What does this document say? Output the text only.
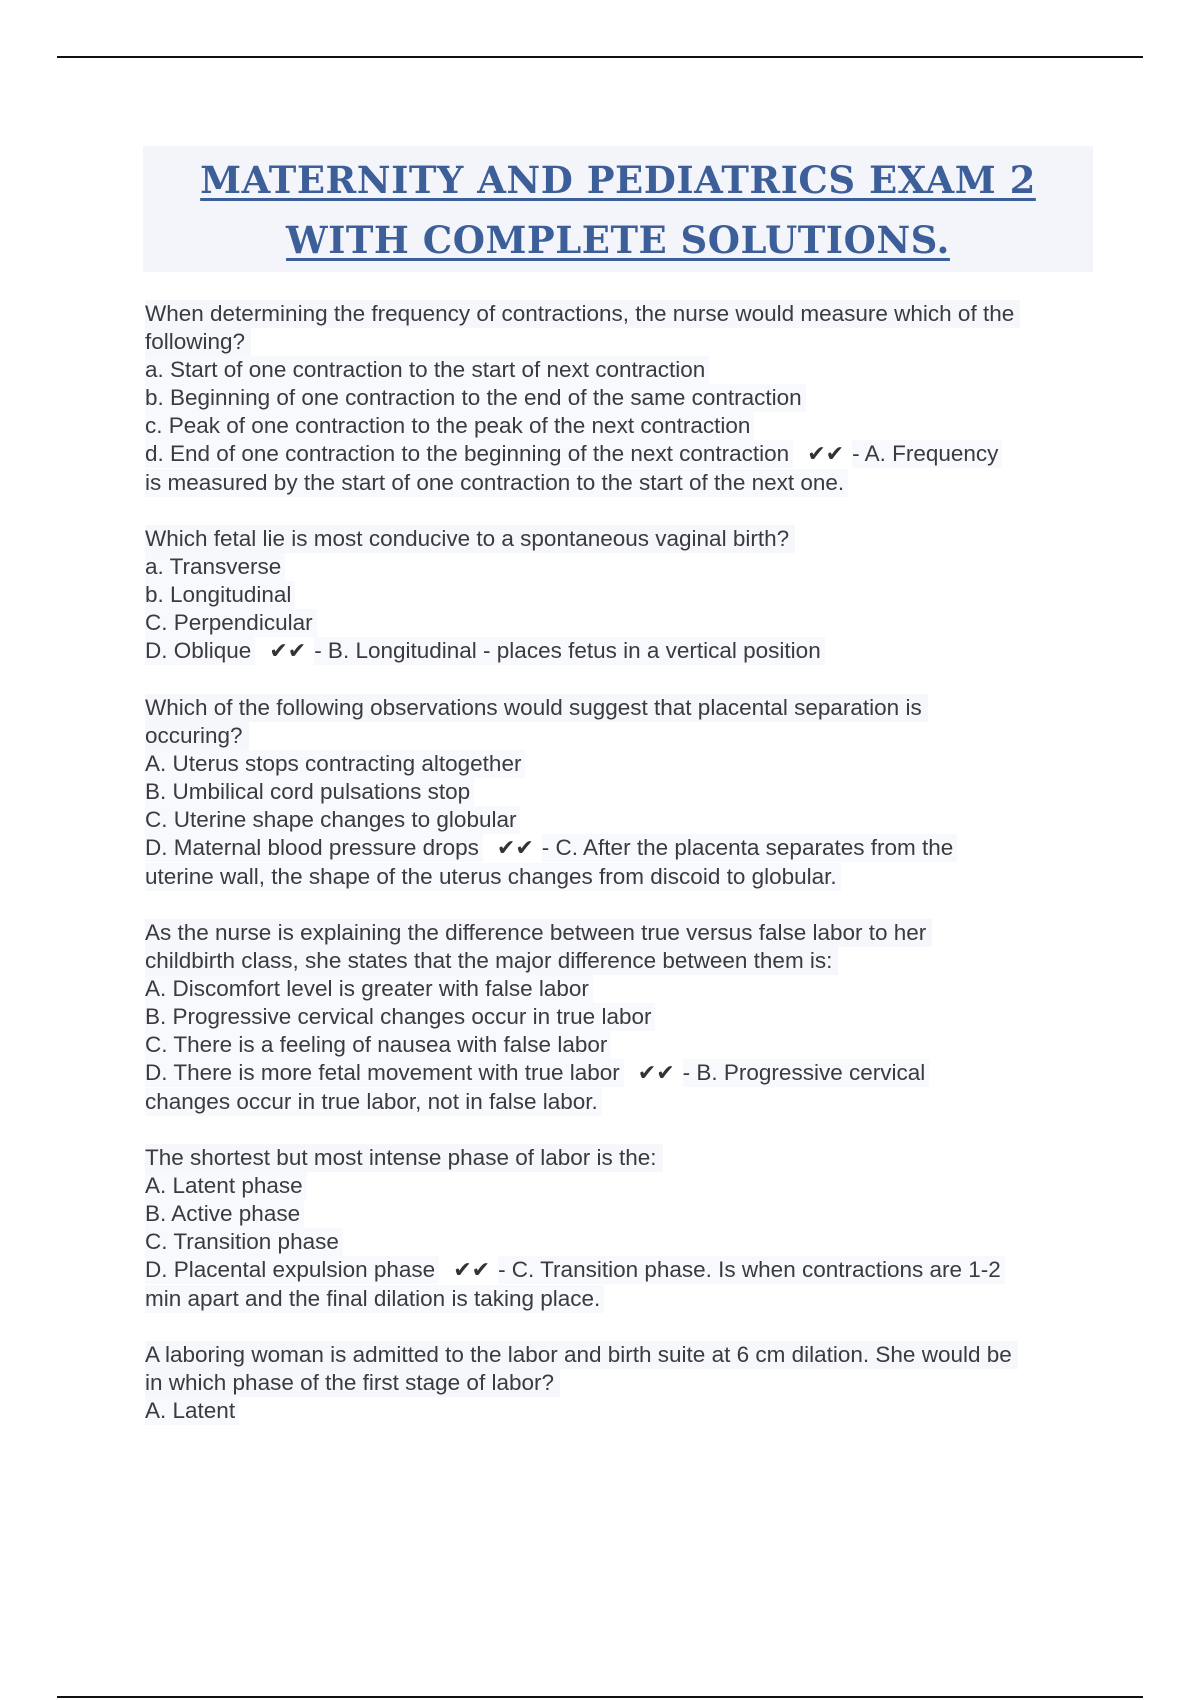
MATERNITY AND PEDIATRICS EXAM 2
WITH COMPLETE SOLUTIONS.
When determining the frequency of contractions, the nurse would measure which of the
following?
a. Start of one contraction to the start of next contraction
b. Beginning of one contraction to the end of the same contraction
c. Peak of one contraction to the peak of the next contraction
d. End of one contraction to the beginning of the next contraction ✔✔ - A. Frequency
is measured by the start of one contraction to the start of the next one.
Which fetal lie is most conducive to a spontaneous vaginal birth?
a. Transverse
b. Longitudinal
C. Perpendicular
D. Oblique ✔✔ - B. Longitudinal - places fetus in a vertical position
Which of the following observations would suggest that placental separation is
occuring?
A. Uterus stops contracting altogether
B. Umbilical cord pulsations stop
C. Uterine shape changes to globular
D. Maternal blood pressure drops ✔✔ - C. After the placenta separates from the
uterine wall, the shape of the uterus changes from discoid to globular.
As the nurse is explaining the difference between true versus false labor to her
childbirth class, she states that the major difference between them is:
A. Discomfort level is greater with false labor
B. Progressive cervical changes occur in true labor
C. There is a feeling of nausea with false labor
D. There is more fetal movement with true labor ✔✔ - B. Progressive cervical
changes occur in true labor, not in false labor.
The shortest but most intense phase of labor is the:
A. Latent phase
B. Active phase
C. Transition phase
D. Placental expulsion phase ✔✔ - C. Transition phase. Is when contractions are 1-2
min apart and the final dilation is taking place.
A laboring woman is admitted to the labor and birth suite at 6 cm dilation. She would be
in which phase of the first stage of labor?
A. Latent
